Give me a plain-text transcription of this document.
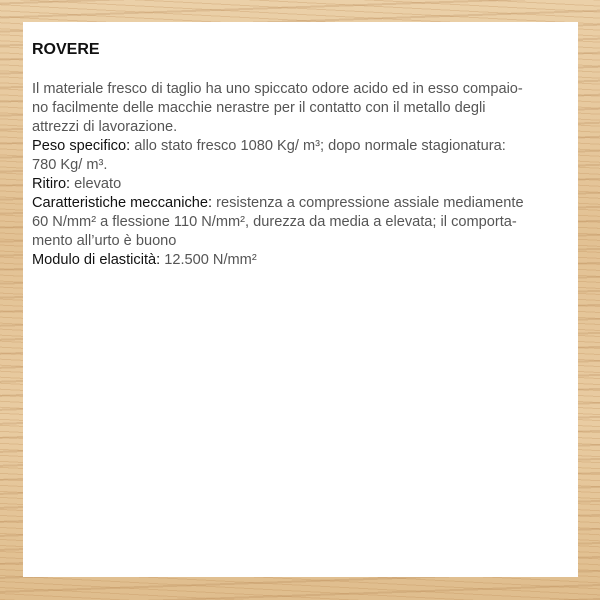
ROVERE
Il materiale fresco di taglio ha uno spiccato odore acido ed in esso compaio-
no facilmente delle macchie nerastre per il contatto con il metallo degli
attrezzi di lavorazione.
Peso specifico: allo stato fresco 1080 Kg/ m³; dopo normale stagionatura:
780 Kg/ m³.
Ritiro: elevato
Caratteristiche meccaniche: resistenza a compressione assiale mediamente
60 N/mm² a flessione 110 N/mm², durezza da media a elevata; il comporta-
mento all’urto è buono
Modulo di elasticità: 12.500 N/mm²
